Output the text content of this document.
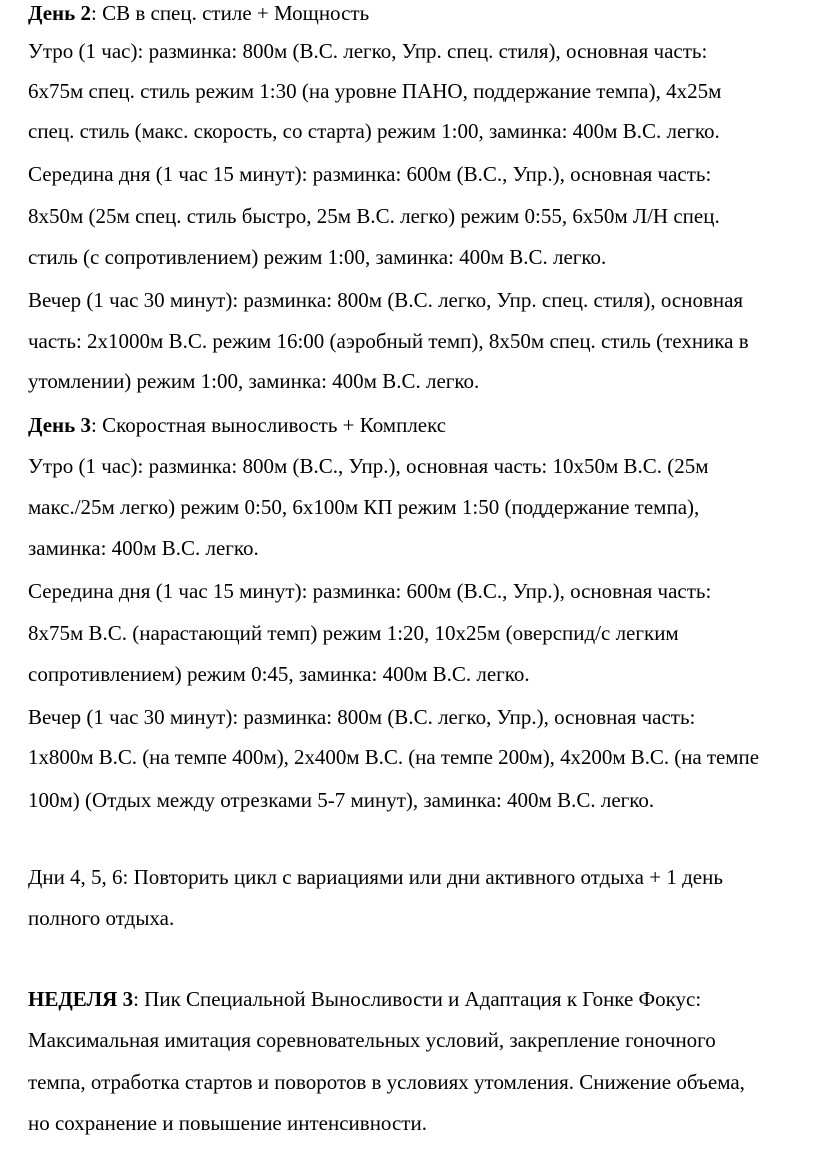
День 2: СВ в спец. стиле + Мощность
Утро (1 час): разминка: 800м (В.С. легко, Упр. спец. стиля), основная часть:
6x75м спец. стиль режим 1:30 (на уровне ПАНО, поддержание темпа), 4x25м
спец. стиль (макс. скорость, со старта) режим 1:00, заминка: 400м В.С. легко.
Середина дня (1 час 15 минут): разминка: 600м (В.С., Упр.), основная часть:
8x50м (25м спец. стиль быстро, 25м В.С. легко) режим 0:55, 6x50м Л/Н спец.
стиль (с сопротивлением) режим 1:00, заминка: 400м В.С. легко.
Вечер (1 час 30 минут): разминка: 800м (В.С. легко, Упр. спец. стиля), основная
часть: 2x1000м В.С. режим 16:00 (аэробный темп), 8x50м спец. стиль (техника в
утомлении) режим 1:00, заминка: 400м В.С. легко.
День 3: Скоростная выносливость + Комплекс
Утро (1 час): разминка: 800м (В.С., Упр.), основная часть: 10x50м В.С. (25м
макс./25м легко) режим 0:50, 6x100м КП режим 1:50 (поддержание темпа),
заминка: 400м В.С. легко.
Середина дня (1 час 15 минут): разминка: 600м (В.С., Упр.), основная часть:
8x75м В.С. (нарастающий темп) режим 1:20, 10x25м (оверспид/с легким
сопротивлением) режим 0:45, заминка: 400м В.С. легко.
Вечер (1 час 30 минут): разминка: 800м (В.С. легко, Упр.), основная часть:
1x800м В.С. (на темпе 400м), 2x400м В.С. (на темпе 200м), 4x200м В.С. (на темпе
100м) (Отдых между отрезками 5-7 минут), заминка: 400м В.С. легко.
Дни 4, 5, 6: Повторить цикл с вариациями или дни активного отдыха + 1 день
полного отдыха.
НЕДЕЛЯ 3: Пик Специальной Выносливости и Адаптация к Гонке Фокус:
Максимальная имитация соревновательных условий, закрепление гоночного
темпа, отработка стартов и поворотов в условиях утомления. Снижение объема,
но сохранение и повышение интенсивности.
